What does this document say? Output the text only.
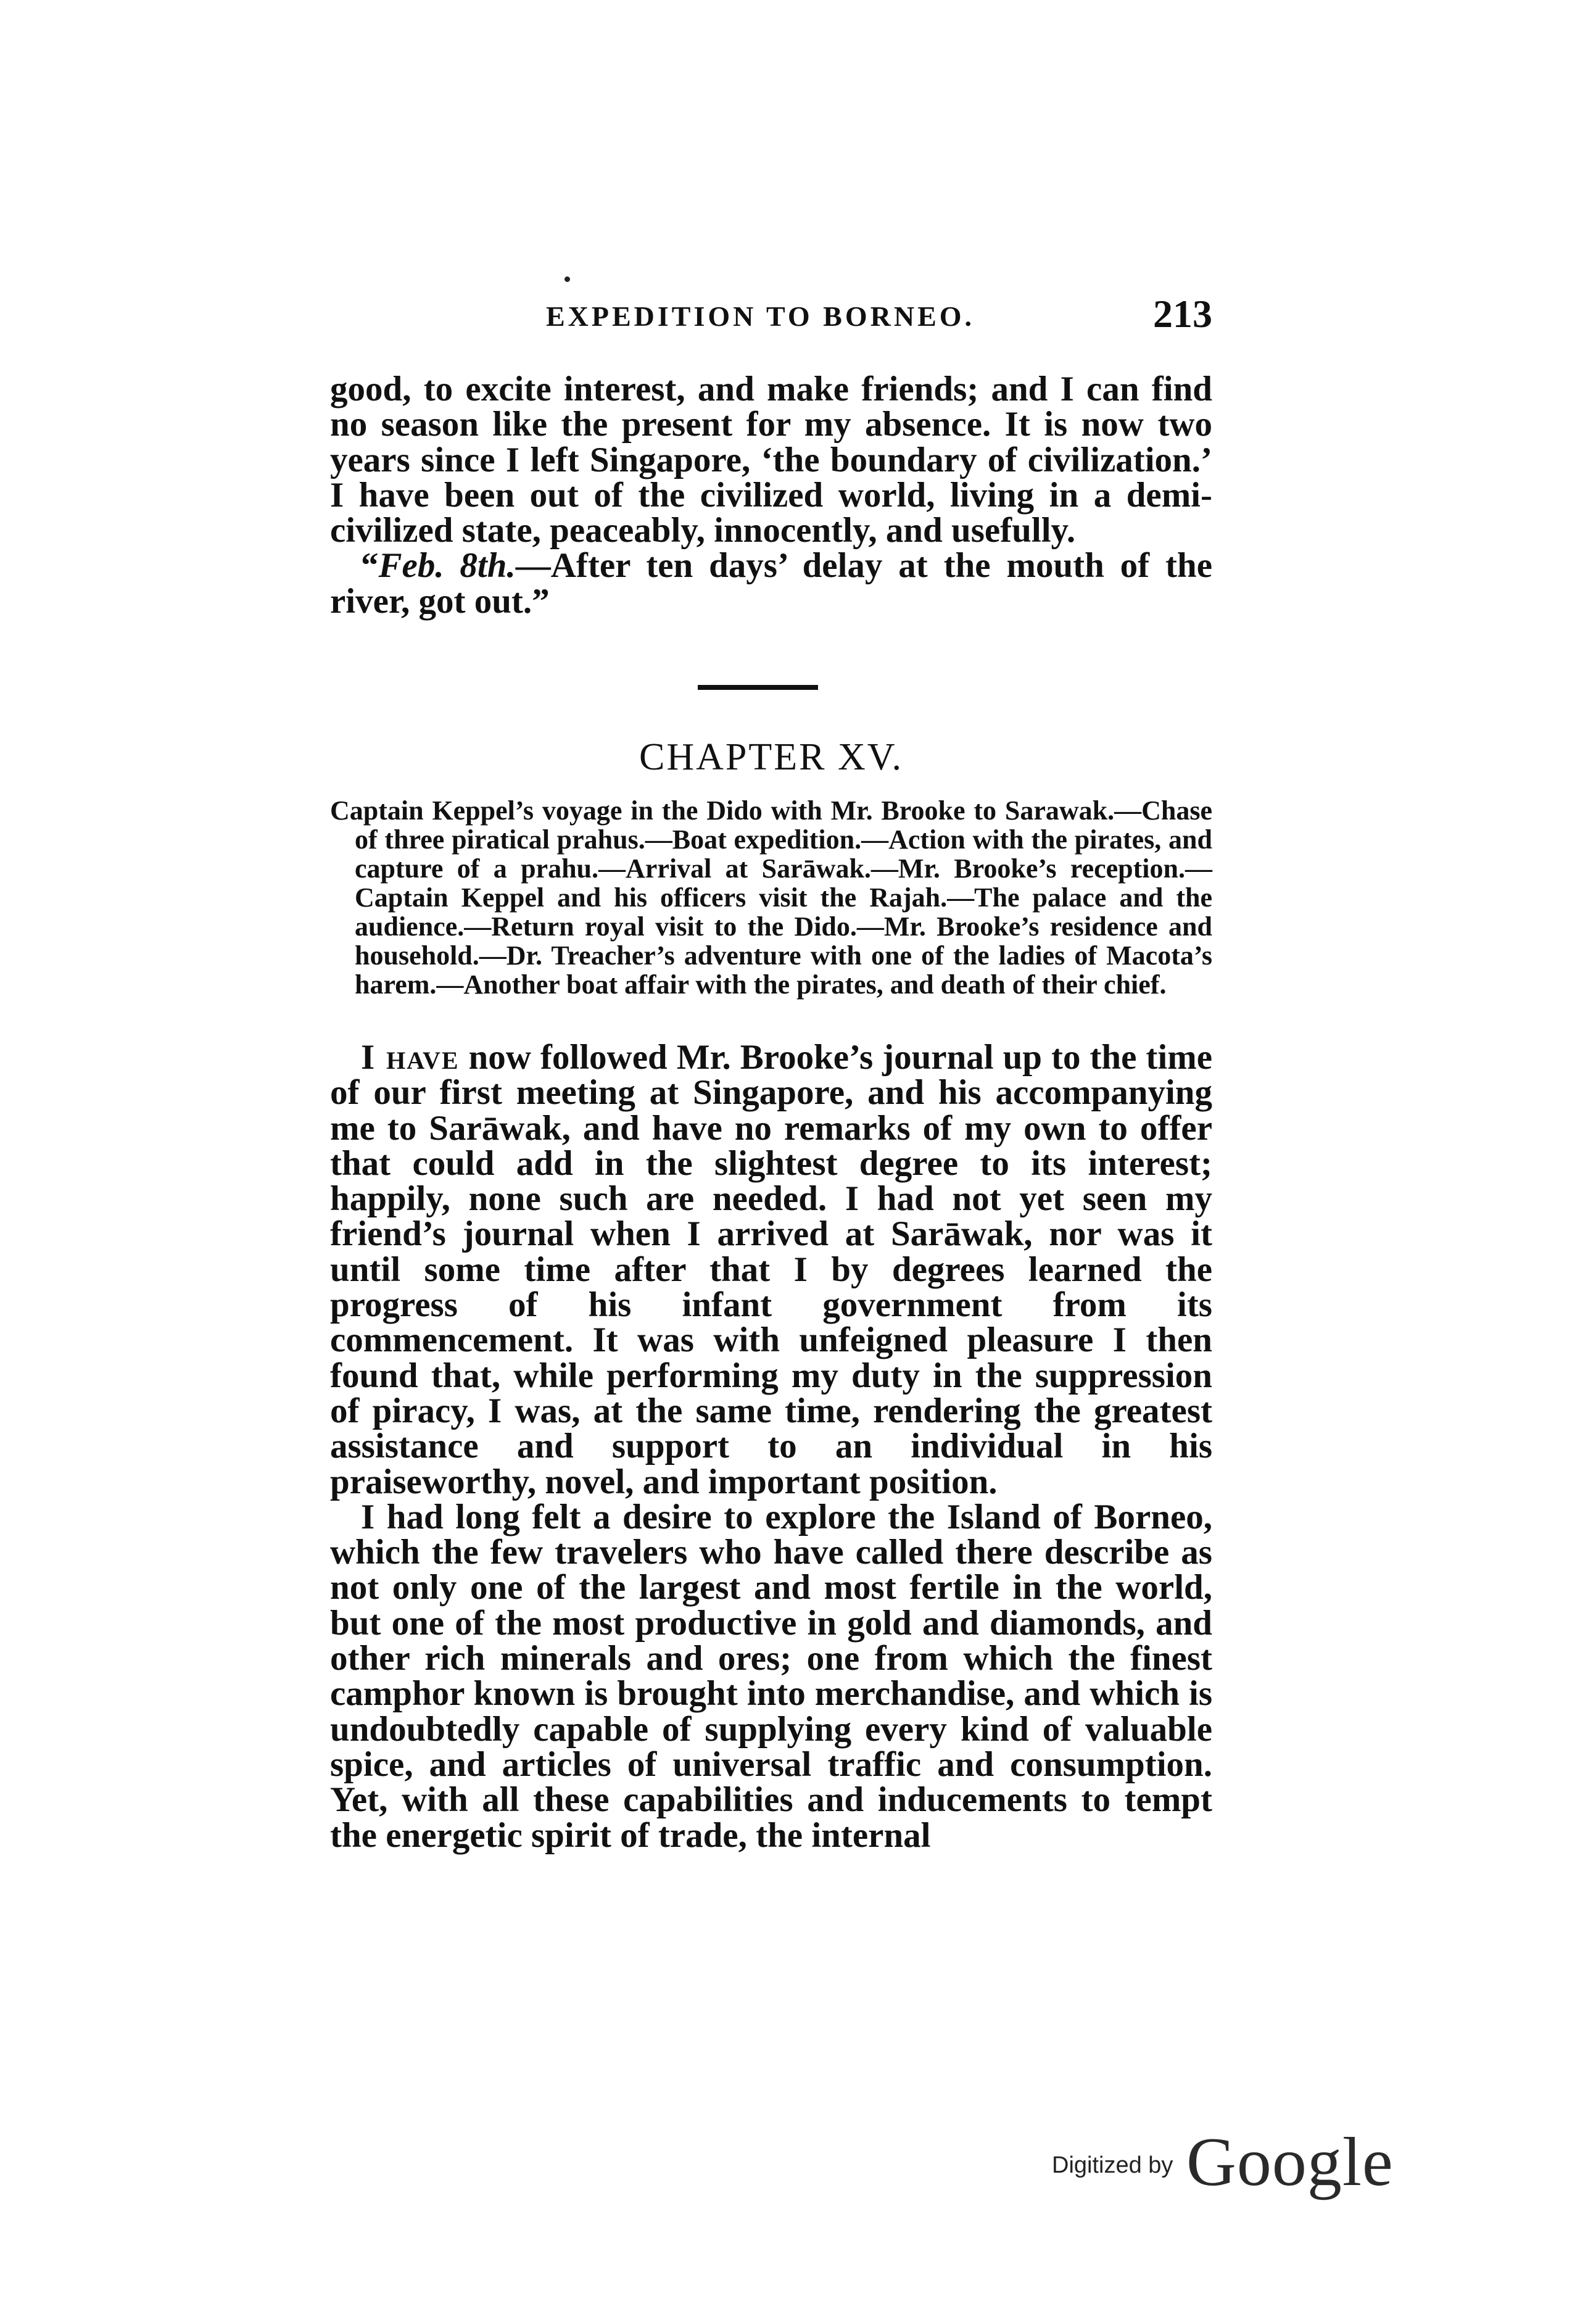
EXPEDITION TO BORNEO.	213

good, to excite interest, and make friends; and I can find no season like the present for my absence. It is now two years since I left Singapore, ‘the boundary of civilization.’ I have been out of the civilized world, living in a demi-civilized state, peaceably, innocently, and usefully.

“Feb. 8th.—After ten days’ delay at the mouth of the river, got out.”

CHAPTER XV.
Captain Keppel’s voyage in the Dido with Mr. Brooke to Sarawak.—Chase of three piratical prahus.—Boat expedition.—Action with the pirates, and capture of a prahu.—Arrival at Sarāwak.—Mr. Brooke’s reception.—Captain Keppel and his officers visit the Rajah.—The palace and the audience.—Return royal visit to the Dido.—Mr. Brooke’s residence and household.—Dr. Treacher’s adventure with one of the ladies of Macota’s harem.—Another boat affair with the pirates, and death of their chief.

I have now followed Mr. Brooke’s journal up to the time of our first meeting at Singapore, and his accompanying me to Sarāwak, and have no remarks of my own to offer that could add in the slightest degree to its interest; happily, none such are needed. I had not yet seen my friend’s journal when I arrived at Sarāwak, nor was it until some time after that I by degrees learned the progress of his infant government from its commencement. It was with unfeigned pleasure I then found that, while performing my duty in the suppression of piracy, I was, at the same time, rendering the greatest assistance and support to an individual in his praiseworthy, novel, and important position.

I had long felt a desire to explore the Island of Borneo, which the few travelers who have called there describe as not only one of the largest and most fertile in the world, but one of the most productive in gold and diamonds, and other rich minerals and ores; one from which the finest camphor known is brought into merchandise, and which is undoubtedly capable of supplying every kind of valuable spice, and articles of universal traffic and consumption. Yet, with all these capabilities and inducements to tempt the energetic spirit of trade, the internal

Digitized by Google
